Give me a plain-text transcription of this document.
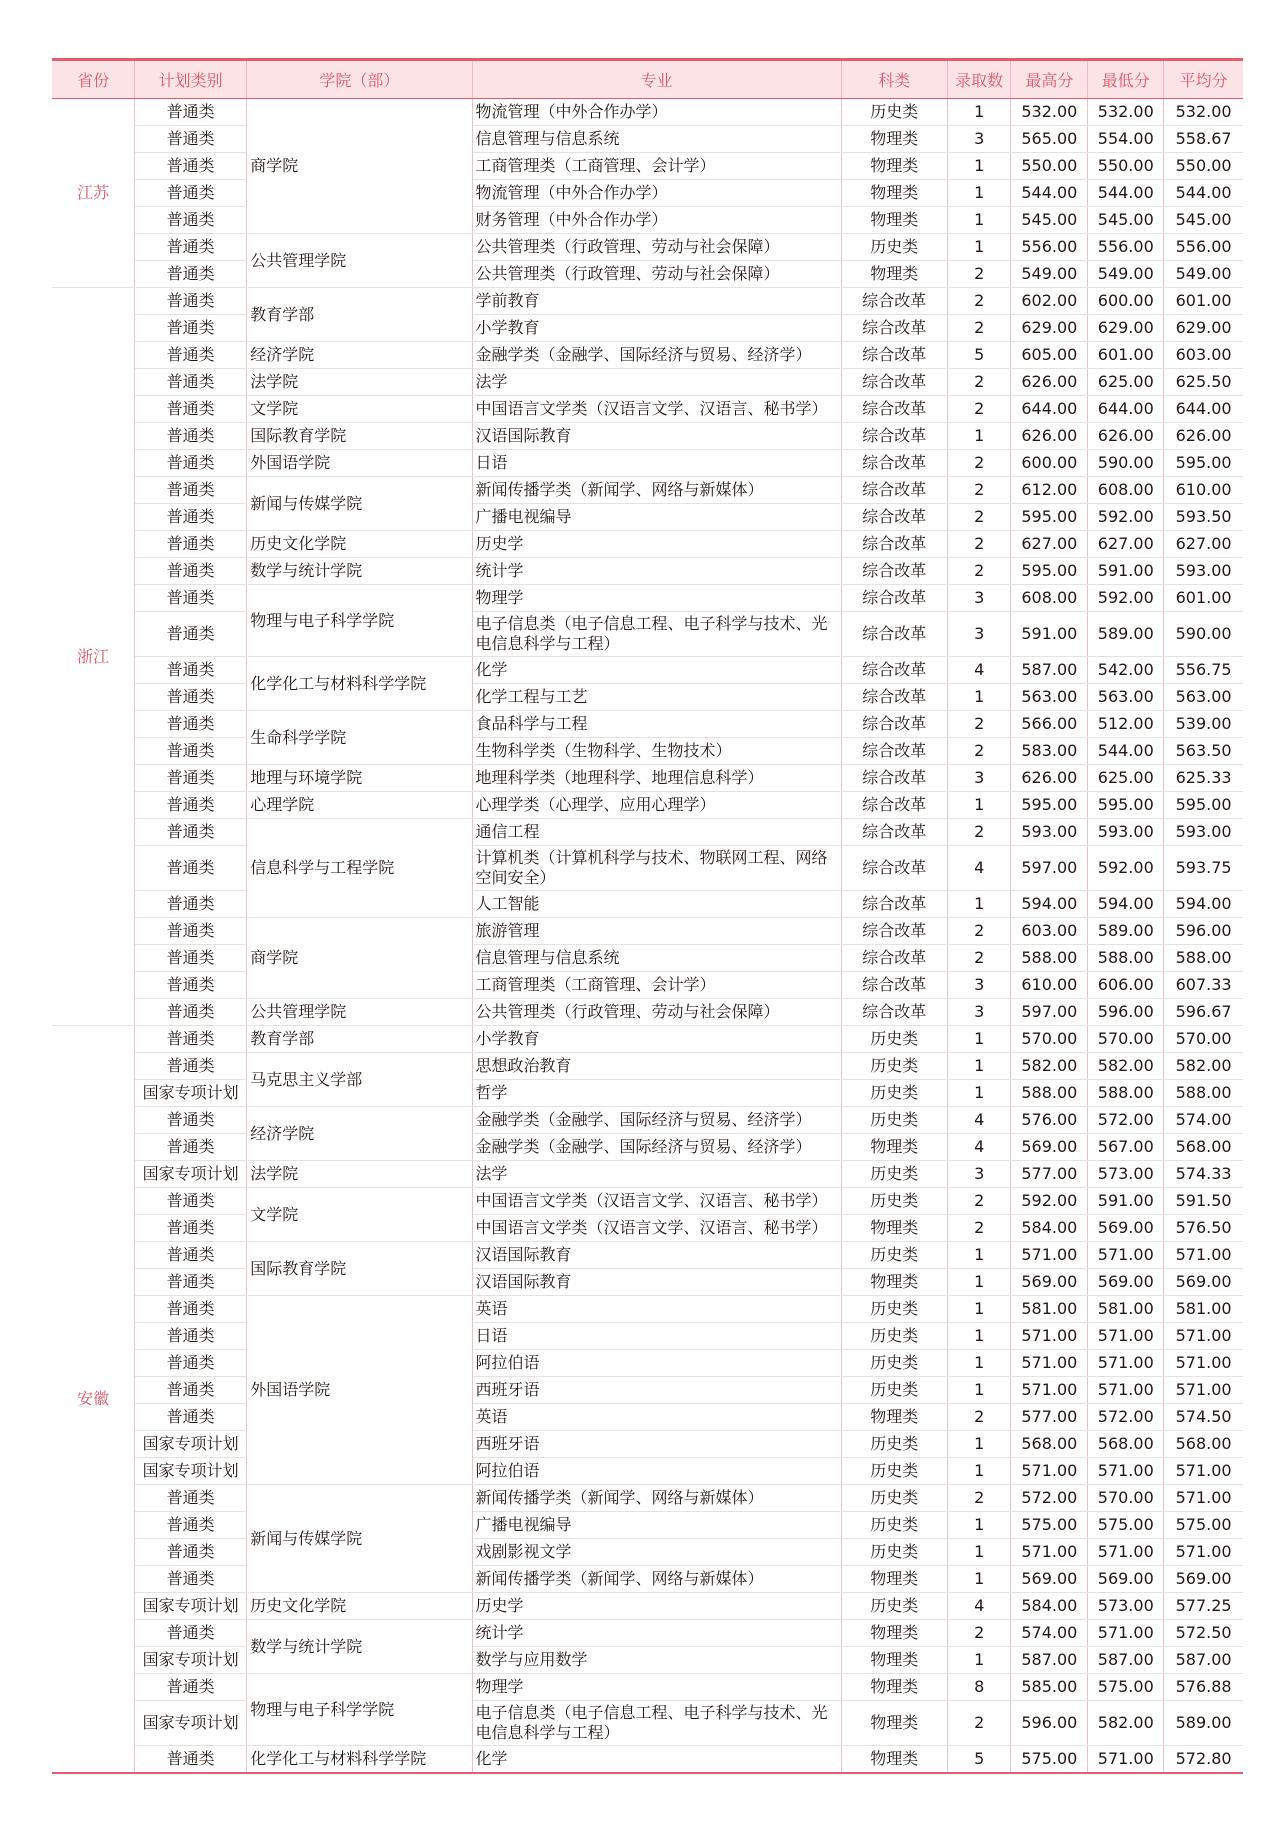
省份	计划类别	学院（部）	专业	科类	录取数	最高分	最低分	平均分
江苏	普通类	商学院	物流管理（中外合作办学）	历史类	1	532.00	532.00	532.00
	普通类		信息管理与信息系统	物理类	3	565.00	554.00	558.67
	普通类		工商管理类（工商管理、会计学）	物理类	1	550.00	550.00	550.00
	普通类		物流管理（中外合作办学）	物理类	1	544.00	544.00	544.00
	普通类		财务管理（中外合作办学）	物理类	1	545.00	545.00	545.00
	普通类	公共管理学院	公共管理类（行政管理、劳动与社会保障）	历史类	1	556.00	556.00	556.00
	普通类		公共管理类（行政管理、劳动与社会保障）	物理类	2	549.00	549.00	549.00
浙江	普通类	教育学部	学前教育	综合改革	2	602.00	600.00	601.00
	普通类		小学教育	综合改革	2	629.00	629.00	629.00
	普通类	经济学院	金融学类（金融学、国际经济与贸易、经济学）	综合改革	5	605.00	601.00	603.00
	普通类	法学院	法学	综合改革	2	626.00	625.00	625.50
	普通类	文学院	中国语言文学类（汉语言文学、汉语言、秘书学）	综合改革	2	644.00	644.00	644.00
	普通类	国际教育学院	汉语国际教育	综合改革	1	626.00	626.00	626.00
	普通类	外国语学院	日语	综合改革	2	600.00	590.00	595.00
	普通类	新闻与传媒学院	新闻传播学类（新闻学、网络与新媒体）	综合改革	2	612.00	608.00	610.00
	普通类		广播电视编导	综合改革	2	595.00	592.00	593.50
	普通类	历史文化学院	历史学	综合改革	2	627.00	627.00	627.00
	普通类	数学与统计学院	统计学	综合改革	2	595.00	591.00	593.00
	普通类	物理与电子科学学院	物理学	综合改革	3	608.00	592.00	601.00
	普通类		电子信息类（电子信息工程、电子科学与技术、光电信息科学与工程）	综合改革	3	591.00	589.00	590.00
	普通类	化学化工与材料科学学院	化学	综合改革	4	587.00	542.00	556.75
	普通类		化学工程与工艺	综合改革	1	563.00	563.00	563.00
	普通类	生命科学学院	食品科学与工程	综合改革	2	566.00	512.00	539.00
	普通类		生物科学类（生物科学、生物技术）	综合改革	2	583.00	544.00	563.50
	普通类	地理与环境学院	地理科学类（地理科学、地理信息科学）	综合改革	3	626.00	625.00	625.33
	普通类	心理学院	心理学类（心理学、应用心理学）	综合改革	1	595.00	595.00	595.00
	普通类	信息科学与工程学院	通信工程	综合改革	2	593.00	593.00	593.00
	普通类		计算机类（计算机科学与技术、物联网工程、网络空间安全）	综合改革	4	597.00	592.00	593.75
	普通类		人工智能	综合改革	1	594.00	594.00	594.00
	普通类	商学院	旅游管理	综合改革	2	603.00	589.00	596.00
	普通类		信息管理与信息系统	综合改革	2	588.00	588.00	588.00
	普通类		工商管理类（工商管理、会计学）	综合改革	3	610.00	606.00	607.33
	普通类	公共管理学院	公共管理类（行政管理、劳动与社会保障）	综合改革	3	597.00	596.00	596.67
安徽	普通类	教育学部	小学教育	历史类	1	570.00	570.00	570.00
	普通类	马克思主义学部	思想政治教育	历史类	1	582.00	582.00	582.00
	国家专项计划		哲学	历史类	1	588.00	588.00	588.00
	普通类	经济学院	金融学类（金融学、国际经济与贸易、经济学）	历史类	4	576.00	572.00	574.00
	普通类		金融学类（金融学、国际经济与贸易、经济学）	物理类	4	569.00	567.00	568.00
	国家专项计划	法学院	法学	历史类	3	577.00	573.00	574.33
	普通类	文学院	中国语言文学类（汉语言文学、汉语言、秘书学）	历史类	2	592.00	591.00	591.50
	普通类		中国语言文学类（汉语言文学、汉语言、秘书学）	物理类	2	584.00	569.00	576.50
	普通类	国际教育学院	汉语国际教育	历史类	1	571.00	571.00	571.00
	普通类		汉语国际教育	物理类	1	569.00	569.00	569.00
	普通类	外国语学院	英语	历史类	1	581.00	581.00	581.00
	普通类		日语	历史类	1	571.00	571.00	571.00
	普通类		阿拉伯语	历史类	1	571.00	571.00	571.00
	普通类		西班牙语	历史类	1	571.00	571.00	571.00
	普通类		英语	物理类	2	577.00	572.00	574.50
	国家专项计划		西班牙语	历史类	1	568.00	568.00	568.00
	国家专项计划		阿拉伯语	历史类	1	571.00	571.00	571.00
	普通类	新闻与传媒学院	新闻传播学类（新闻学、网络与新媒体）	历史类	2	572.00	570.00	571.00
	普通类		广播电视编导	历史类	1	575.00	575.00	575.00
	普通类		戏剧影视文学	历史类	1	571.00	571.00	571.00
	普通类		新闻传播学类（新闻学、网络与新媒体）	物理类	1	569.00	569.00	569.00
	国家专项计划	历史文化学院	历史学	历史类	4	584.00	573.00	577.25
	普通类	数学与统计学院	统计学	物理类	2	574.00	571.00	572.50
	国家专项计划		数学与应用数学	物理类	1	587.00	587.00	587.00
	普通类	物理与电子科学学院	物理学	物理类	8	585.00	575.00	576.88
	国家专项计划		电子信息类（电子信息工程、电子科学与技术、光电信息科学与工程）	物理类	2	596.00	582.00	589.00
	普通类	化学化工与材料科学学院	化学	物理类	5	575.00	571.00	572.80
